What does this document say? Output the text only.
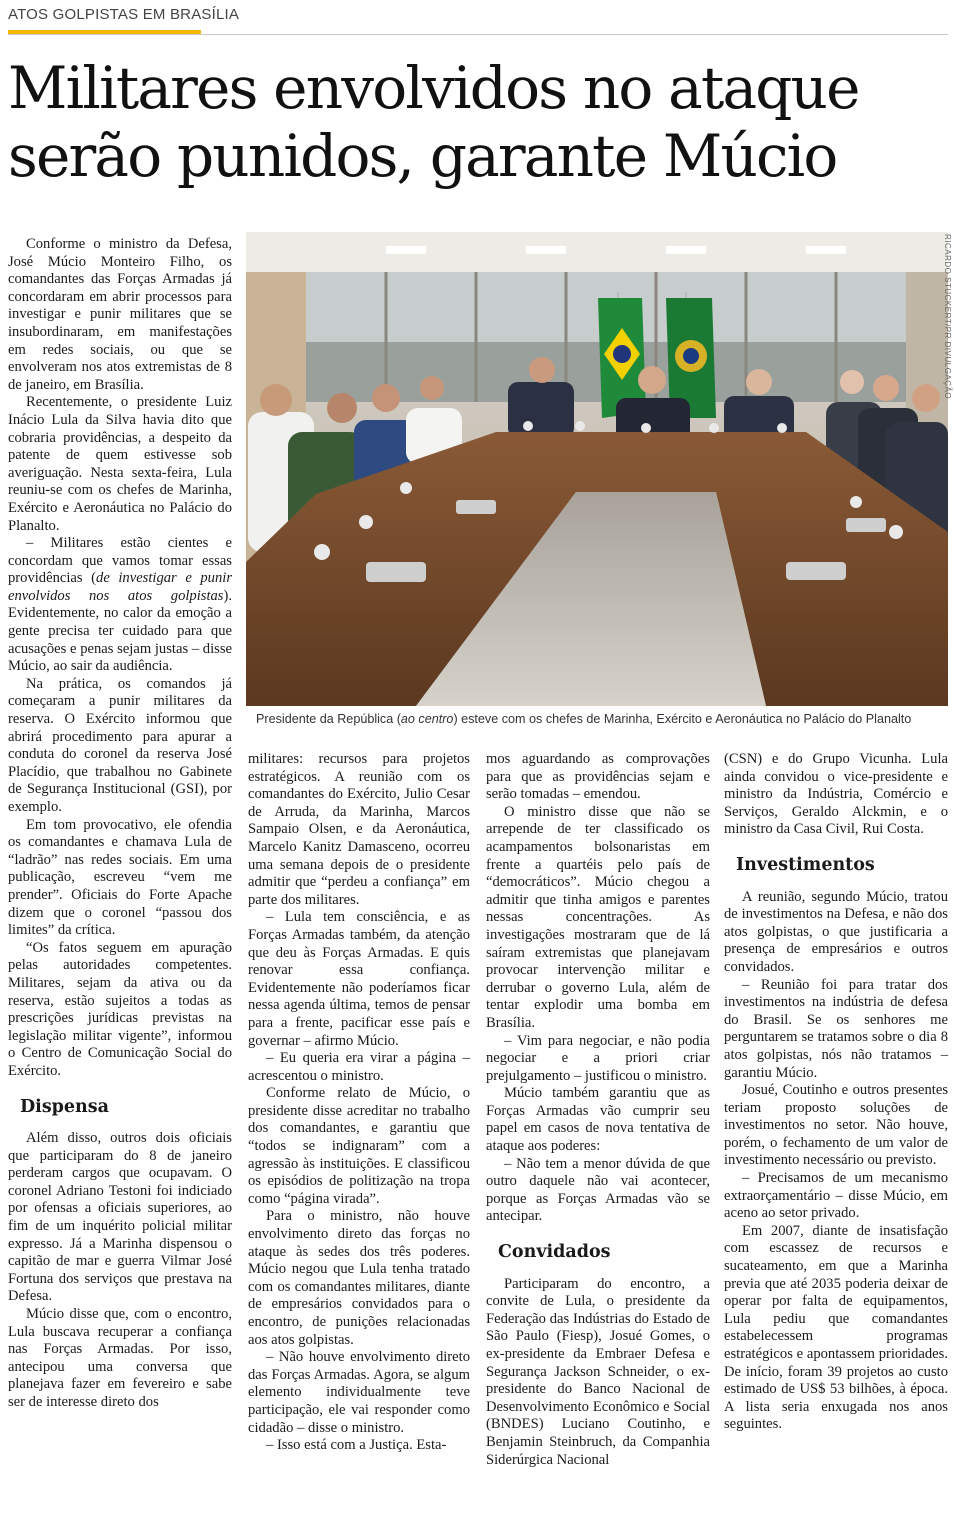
ATOS GOLPISTAS EM BRASÍLIA
Militares envolvidos no ataque serão punidos, garante Múcio

Conforme o ministro da Defesa, José Múcio Monteiro Filho, os comandantes das Forças Armadas já concordaram em abrir processos para investigar e punir militares que se insubordinaram, em manifestações em redes sociais, ou que se envolveram nos atos extremistas de 8 de janeiro, em Brasília.

Recentemente, o presidente Luiz Inácio Lula da Silva havia dito que cobraria providências, a despeito da patente de quem estivesse sob averiguação. Nesta sexta-feira, Lula reuniu-se com os chefes de Marinha, Exército e Aeronáutica no Palácio do Planalto.

– Militares estão cientes e concordam que vamos tomar essas providências (de investigar e punir envolvidos nos atos golpistas). Evidentemente, no calor da emoção a gente precisa ter cuidado para que acusações e penas sejam justas – disse Múcio, ao sair da audiência.

Na prática, os comandos já começaram a punir militares da reserva. O Exército informou que abrirá procedimento para apurar a conduta do coronel da reserva José Placídio, que trabalhou no Gabinete de Segurança Institucional (GSI), por exemplo.

Em tom provocativo, ele ofendia os comandantes e chamava Lula de “ladrão” nas redes sociais. Em uma publicação, escreveu “vem me prender”. Oficiais do Forte Apache dizem que o coronel “passou dos limites” da crítica.

“Os fatos seguem em apuração pelas autoridades competentes. Militares, sejam da ativa ou da reserva, estão sujeitos a todas as prescrições jurídicas previstas na legislação militar vigente”, informou o Centro de Comunicação Social do Exército.

Dispensa

Além disso, outros dois oficiais que participaram do 8 de janeiro perderam cargos que ocupavam. O coronel Adriano Testoni foi indiciado por ofensas a oficiais superiores, ao fim de um inquérito policial militar expresso. Já a Marinha dispensou o capitão de mar e guerra Vilmar José Fortuna dos serviços que prestava na Defesa.

Múcio disse que, com o encontro, Lula buscava recuperar a confiança nas Forças Armadas. Por isso, antecipou uma conversa que planejava fazer em fevereiro e sabe ser de interesse direto dos

RICARDO STUCKERT/PR DIVULGAÇÃO
Presidente da República (ao centro) esteve com os chefes de Marinha, Exército e Aeronáutica no Palácio do Planalto

militares: recursos para projetos estratégicos. A reunião com os comandantes do Exército, Julio Cesar de Arruda, da Marinha, Marcos Sampaio Olsen, e da Aeronáutica, Marcelo Kanitz Damasceno, ocorreu uma semana depois de o presidente admitir que “perdeu a confiança” em parte dos militares.

– Lula tem consciência, e as Forças Armadas também, da atenção que deu às Forças Armadas. E quis renovar essa confiança. Evidentemente não poderíamos ficar nessa agenda última, temos de pensar para a frente, pacificar esse país e governar – afirmo Múcio.

– Eu queria era virar a página – acrescentou o ministro.

Conforme relato de Múcio, o presidente disse acreditar no trabalho dos comandantes, e garantiu que “todos se indignaram” com a agressão às instituições. E classificou os episódios de politização na tropa como “página virada”.

Para o ministro, não houve envolvimento direto das forças no ataque às sedes dos três poderes. Múcio negou que Lula tenha tratado com os comandantes militares, diante de empresários convidados para o encontro, de punições relacionadas aos atos golpistas.

– Não houve envolvimento direto das Forças Armadas. Agora, se algum elemento individualmente teve participação, ele vai responder como cidadão – disse o ministro.

– Isso está com a Justiça. Esta-

mos aguardando as comprovações para que as providências sejam e serão tomadas – emendou.

O ministro disse que não se arrepende de ter classificado os acampamentos bolsonaristas em frente a quartéis pelo país de “democráticos”. Múcio chegou a admitir que tinha amigos e parentes nessas concentrações. As investigações mostraram que de lá saíram extremistas que planejavam provocar intervenção militar e derrubar o governo Lula, além de tentar explodir uma bomba em Brasília.

– Vim para negociar, e não podia negociar e a priori criar prejulgamento – justificou o ministro.

Múcio também garantiu que as Forças Armadas vão cumprir seu papel em casos de nova tentativa de ataque aos poderes:

– Não tem a menor dúvida de que outro daquele não vai acontecer, porque as Forças Armadas vão se antecipar.

Convidados

Participaram do encontro, a convite de Lula, o presidente da Federação das Indústrias do Estado de São Paulo (Fiesp), Josué Gomes, o ex-presidente da Embraer Defesa e Segurança Jackson Schneider, o ex-presidente do Banco Nacional de Desenvolvimento Econômico e Social (BNDES) Luciano Coutinho, e Benjamin Steinbruch, da Companhia Siderúrgica Nacional

(CSN) e do Grupo Vicunha. Lula ainda convidou o vice-presidente e ministro da Indústria, Comércio e Serviços, Geraldo Alckmin, e o ministro da Casa Civil, Rui Costa.

Investimentos

A reunião, segundo Múcio, tratou de investimentos na Defesa, e não dos atos golpistas, o que justificaria a presença de empresários e outros convidados.

– Reunião foi para tratar dos investimentos na indústria de defesa do Brasil. Se os senhores me perguntarem se tratamos sobre o dia 8 atos golpistas, nós não tratamos – garantiu Múcio.

Josué, Coutinho e outros presentes teriam proposto soluções de investimentos no setor. Não houve, porém, o fechamento de um valor de investimento necessário ou previsto.

– Precisamos de um mecanismo extraorçamentário – disse Múcio, em aceno ao setor privado.

Em 2007, diante de insatisfação com escassez de recursos e sucateamento, em que a Marinha previa que até 2035 poderia deixar de operar por falta de equipamentos, Lula pediu que comandantes estabelecessem programas estratégicos e apontassem prioridades. De início, foram 39 projetos ao custo estimado de US$ 53 bilhões, à época. A lista seria enxugada nos anos seguintes.
